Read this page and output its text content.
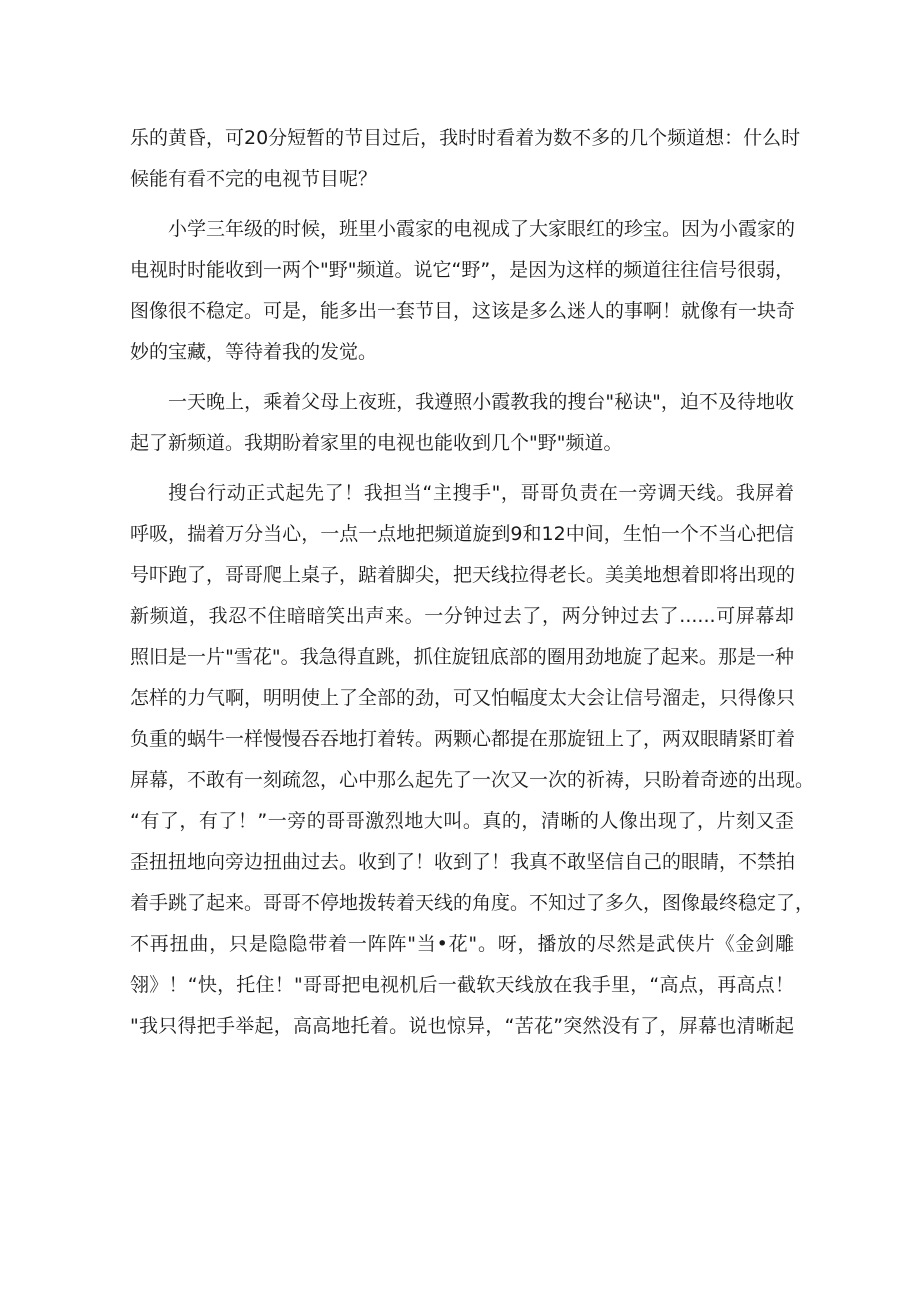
乐的黄昏，可20分短暂的节目过后，我时时看着为数不多的几个频道想：什么时
候能有看不完的电视节目呢？

小学三年级的时候，班里小霞家的电视成了大家眼红的珍宝。因为小霞家的
电视时时能收到一两个"野"频道。说它“野”，是因为这样的频道往往信号很弱，
图像很不稳定。可是，能多出一套节目，这该是多么迷人的事啊！就像有一块奇
妙的宝藏，等待着我的发觉。

一天晚上，乘着父母上夜班，我遵照小霞教我的搜台"秘诀"，迫不及待地收
起了新频道。我期盼着家里的电视也能收到几个"野"频道。

搜台行动正式起先了！我担当“主搜手"，哥哥负责在一旁调天线。我屏着
呼吸，揣着万分当心，一点一点地把频道旋到9和12中间，生怕一个不当心把信
号吓跑了，哥哥爬上桌子，踮着脚尖，把天线拉得老长。美美地想着即将出现的
新频道，我忍不住暗暗笑出声来。一分钟过去了，两分钟过去了......可屏幕却
照旧是一片"雪花"。我急得直跳，抓住旋钮底部的圈用劲地旋了起来。那是一种
怎样的力气啊，明明使上了全部的劲，可又怕幅度太大会让信号溜走，只得像只
负重的蜗牛一样慢慢吞吞地打着转。两颗心都提在那旋钮上了，两双眼睛紧盯着
屏幕，不敢有一刻疏忽，心中那么起先了一次又一次的祈祷，只盼着奇迹的出现。
“有了，有了！”一旁的哥哥激烈地大叫。真的，清晰的人像出现了，片刻又歪
歪扭扭地向旁边扭曲过去。收到了！收到了！我真不敢坚信自己的眼睛，不禁拍
着手跳了起来。哥哥不停地拨转着天线的角度。不知过了多久，图像最终稳定了，
不再扭曲，只是隐隐带着一阵阵"当•花"。呀，播放的尽然是武侠片《金剑雕
翎》！“快，托住！"哥哥把电视机后一截软天线放在我手里，“高点，再高点！
"我只得把手举起，高高地托着。说也惊异，“苦花”突然没有了，屏幕也清晰起
